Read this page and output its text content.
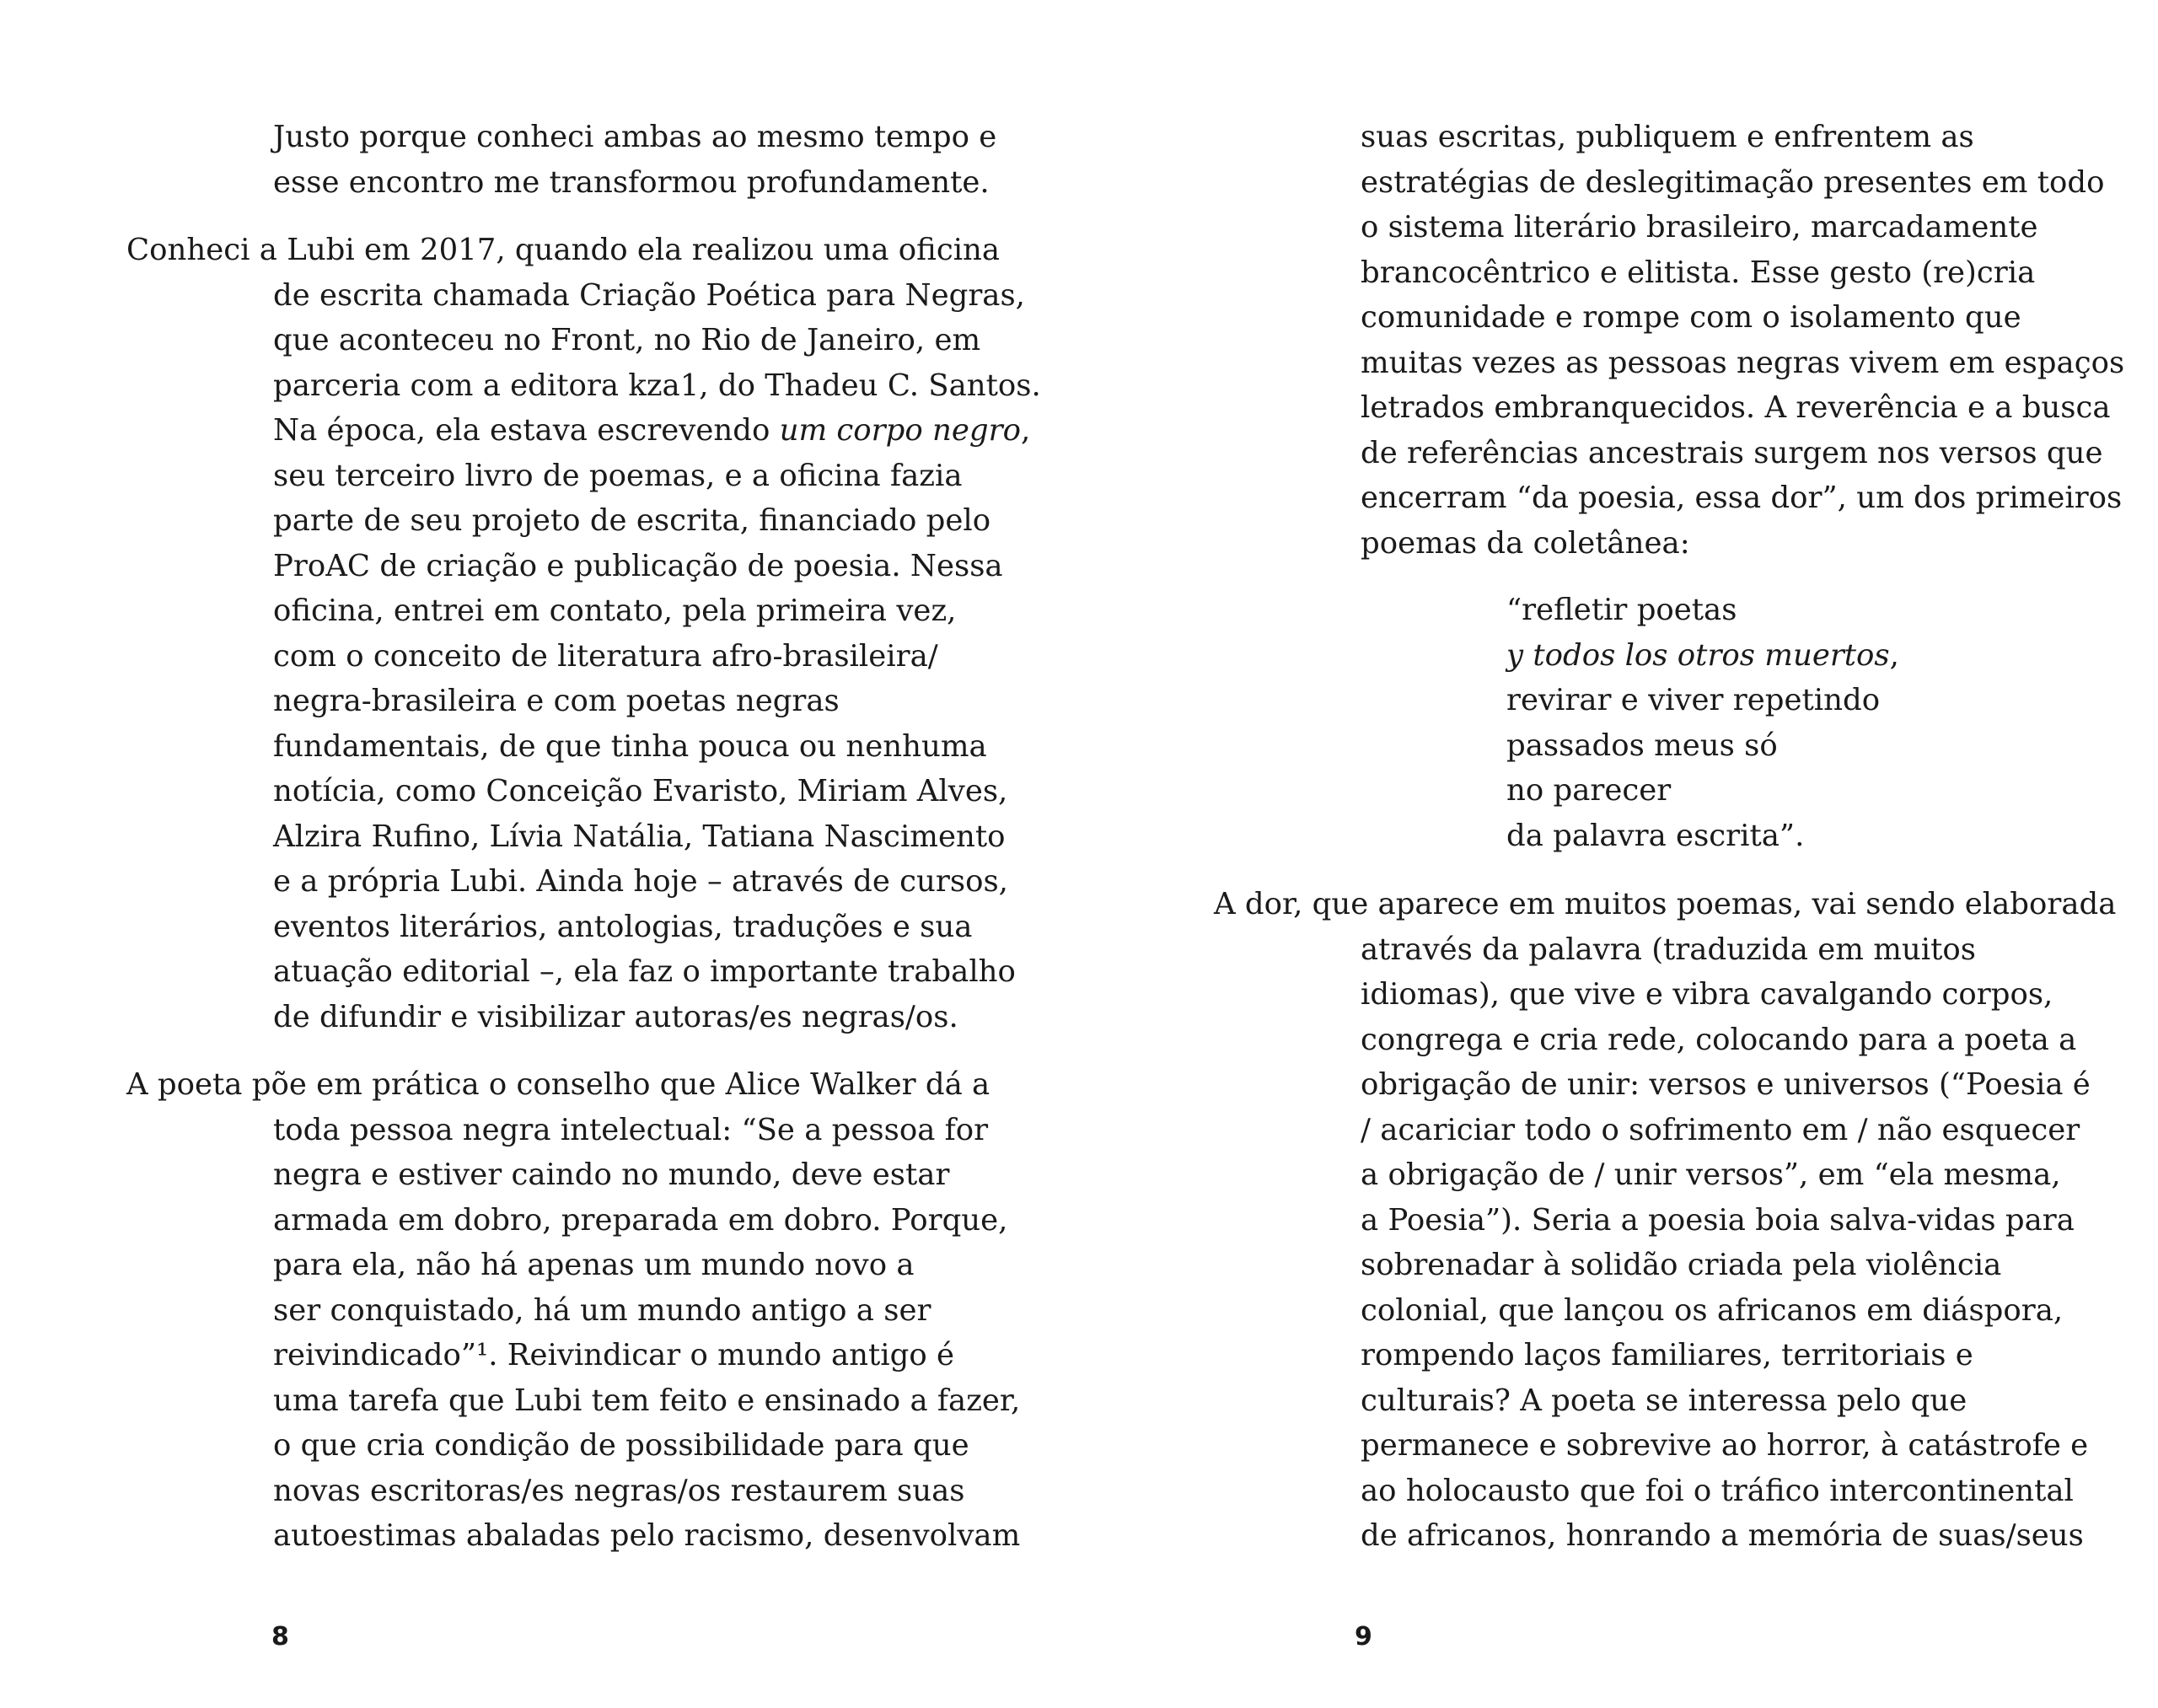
Justo porque conheci ambas ao mesmo tempo e
esse encontro me transformou profundamente.
Conheci a Lubi em 2017, quando ela realizou uma oficina
de escrita chamada Criação Poética para Negras,
que aconteceu no Front, no Rio de Janeiro, em
parceria com a editora kza1, do Thadeu C. Santos.
Na época, ela estava escrevendo um corpo negro,
seu terceiro livro de poemas, e a oficina fazia
parte de seu projeto de escrita, financiado pelo
ProAC de criação e publicação de poesia. Nessa
oficina, entrei em contato, pela primeira vez,
com o conceito de literatura afro-brasileira/
negra-brasileira e com poetas negras
fundamentais, de que tinha pouca ou nenhuma
notícia, como Conceição Evaristo, Miriam Alves,
Alzira Rufino, Lívia Natália, Tatiana Nascimento
e a própria Lubi. Ainda hoje – através de cursos,
eventos literários, antologias, traduções e sua
atuação editorial –, ela faz o importante trabalho
de difundir e visibilizar autoras/es negras/os.
A poeta põe em prática o conselho que Alice Walker dá a
toda pessoa negra intelectual: “Se a pessoa for
negra e estiver caindo no mundo, deve estar
armada em dobro, preparada em dobro. Porque,
para ela, não há apenas um mundo novo a
ser conquistado, há um mundo antigo a ser
reivindicado”¹. Reivindicar o mundo antigo é
uma tarefa que Lubi tem feito e ensinado a fazer,
o que cria condição de possibilidade para que
novas escritoras/es negras/os restaurem suas
autoestimas abaladas pelo racismo, desenvolvam
8
suas escritas, publiquem e enfrentem as
estratégias de deslegitimação presentes em todo
o sistema literário brasileiro, marcadamente
brancocêntrico e elitista. Esse gesto (re)cria
comunidade e rompe com o isolamento que
muitas vezes as pessoas negras vivem em espaços
letrados embranquecidos. A reverência e a busca
de referências ancestrais surgem nos versos que
encerram “da poesia, essa dor”, um dos primeiros
poemas da coletânea:
“refletir poetas
y todos los otros muertos,
revirar e viver repetindo
passados meus só
no parecer
da palavra escrita”.
A dor, que aparece em muitos poemas, vai sendo elaborada
através da palavra (traduzida em muitos
idiomas), que vive e vibra cavalgando corpos,
congrega e cria rede, colocando para a poeta a
obrigação de unir: versos e universos (“Poesia é
/ acariciar todo o sofrimento em / não esquecer
a obrigação de / unir versos”, em “ela mesma,
a Poesia”). Seria a poesia boia salva-vidas para
sobrenadar à solidão criada pela violência
colonial, que lançou os africanos em diáspora,
rompendo laços familiares, territoriais e
culturais? A poeta se interessa pelo que
permanece e sobrevive ao horror, à catástrofe e
ao holocausto que foi o tráfico intercontinental
de africanos, honrando a memória de suas/seus
9
